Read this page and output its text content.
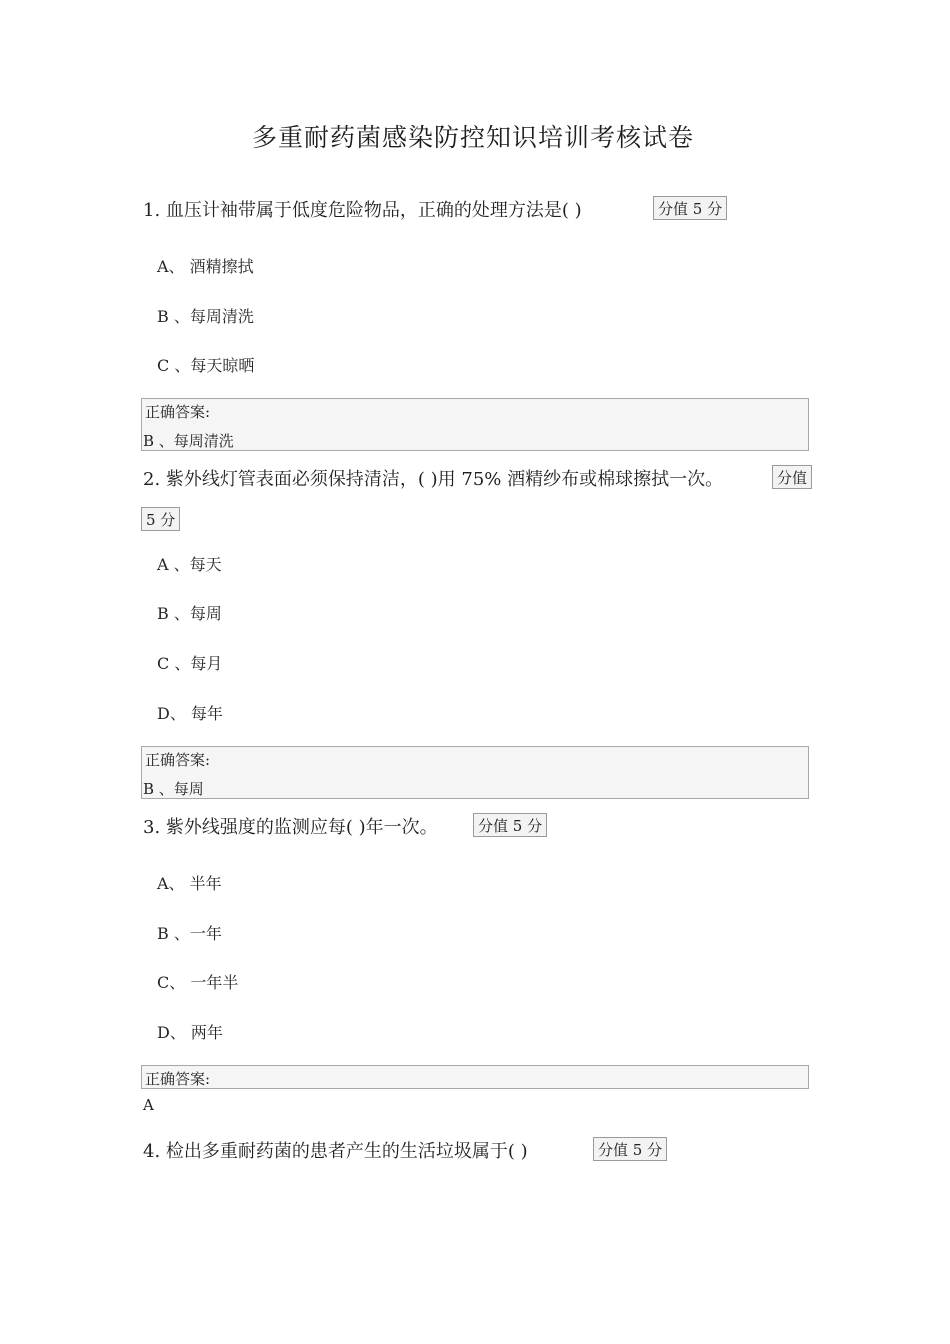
多重耐药菌感染防控知识培训考核试卷
1. 血压计袖带属于低度危险物品，正确的处理方法是( )	分值 5 分
A、 酒精擦拭
B 、每周清洗
C 、每天晾晒
正确答案:
B 、每周清洗
2. 紫外线灯管表面必须保持清洁，( )用 75% 酒精纱布或棉球擦拭一次。	分值
5 分
A 、每天
B 、每周
C 、每月
D、 每年
正确答案:
B 、每周
3. 紫外线强度的监测应每( )年一次。	分值 5 分
A、 半年
B 、一年
C、 一年半
D、 两年
正确答案:
A
4. 检出多重耐药菌的患者产生的生活垃圾属于( )	分值 5 分
